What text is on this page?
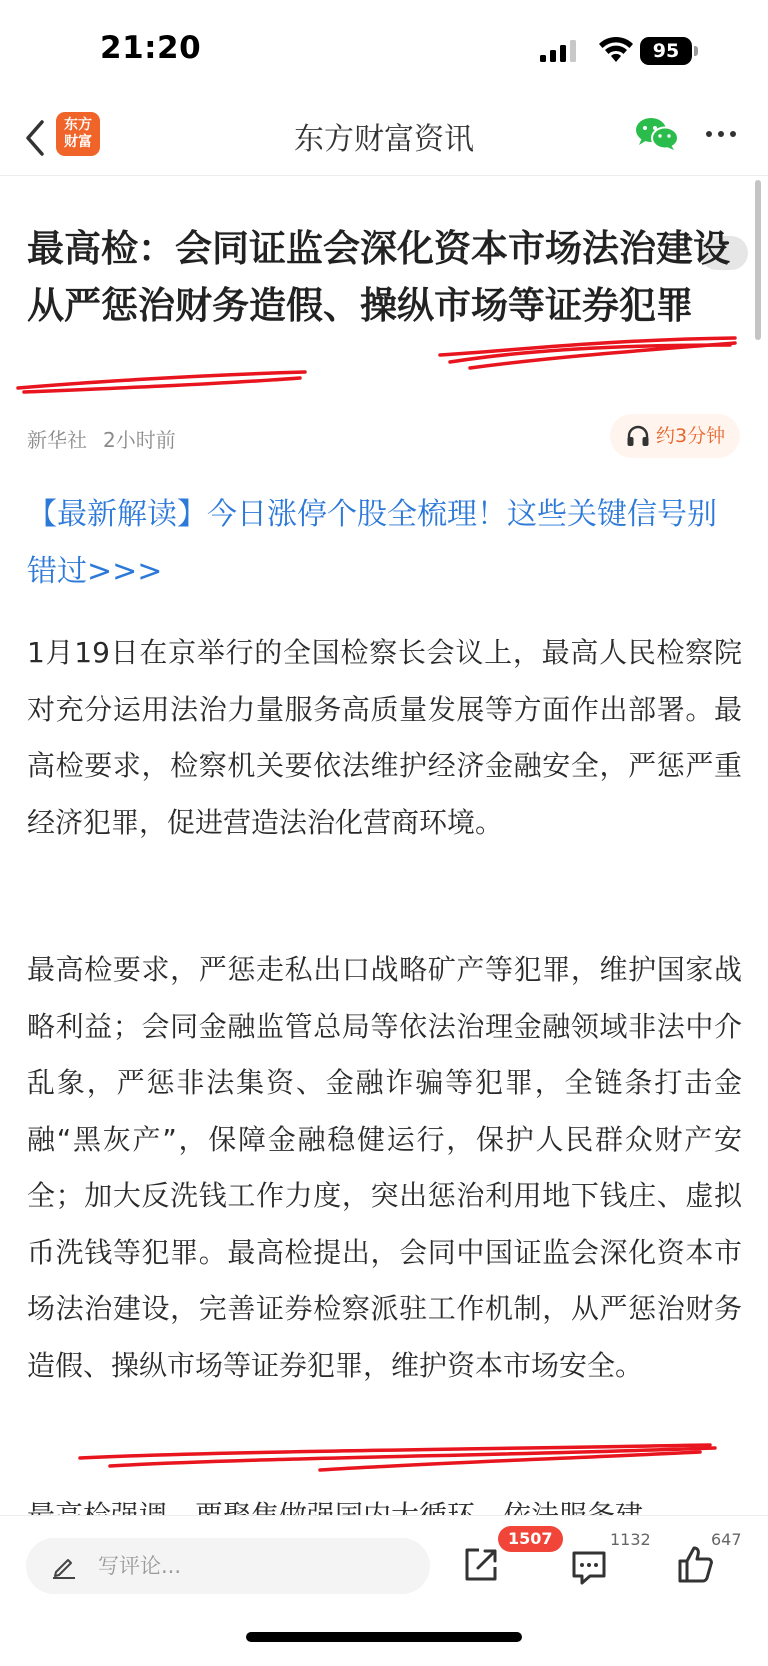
21:20	95
东方
财富	东方财富资讯
最高检：会同证监会深化资本市场法治建设 从严惩治财务造假、操纵市场等证券犯罪
新华社 2小时前	约3分钟
【最新解读】今日涨停个股全梳理！这些关键信号别错过>>>
1月19日在京举行的全国检察长会议上，最高人民检察院对充分运用法治力量服务高质量发展等方面作出部署。最高检要求，检察机关要依法维护经济金融安全，严惩严重经济犯罪，促进营造法治化营商环境。
最高检要求，严惩走私出口战略矿产等犯罪，维护国家战略利益；会同金融监管总局等依法治理金融领域非法中介乱象，严惩非法集资、金融诈骗等犯罪，全链条打击金融“黑灰产”，保障金融稳健运行，保护人民群众财产安全；加大反洗钱工作力度，突出惩治利用地下钱庄、虚拟币洗钱等犯罪。最高检提出，会同中国证监会深化资本市场法治建设，完善证券检察派驻工作机制，从严惩治财务造假、操纵市场等证券犯罪，维护资本市场安全。
写评论...
1507	1132	647
